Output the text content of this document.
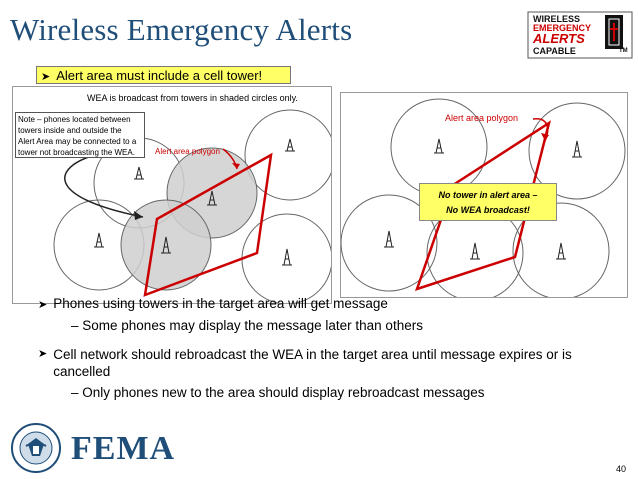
Wireless Emergency Alerts	WIRELESS
EMERGENCY
ALERTS
CAPABLE	TM
➤ Alert area must include a cell tower!
WEA is broadcast from towers in shaded circles only.
Note – phones located between
towers inside and outside the
Alert Area may be connected to a
tower not broadcasting the WEA.	Alert area polygon
Alert area polygon
No tower in alert area –
No WEA broadcast!
➤ Phones using towers in the target area will get message
– Some phones may display the message later than others
➤ Cell network should rebroadcast the WEA in the target area until message expires or is cancelled
– Only phones new to the area should display rebroadcast messages
FEMA
40
